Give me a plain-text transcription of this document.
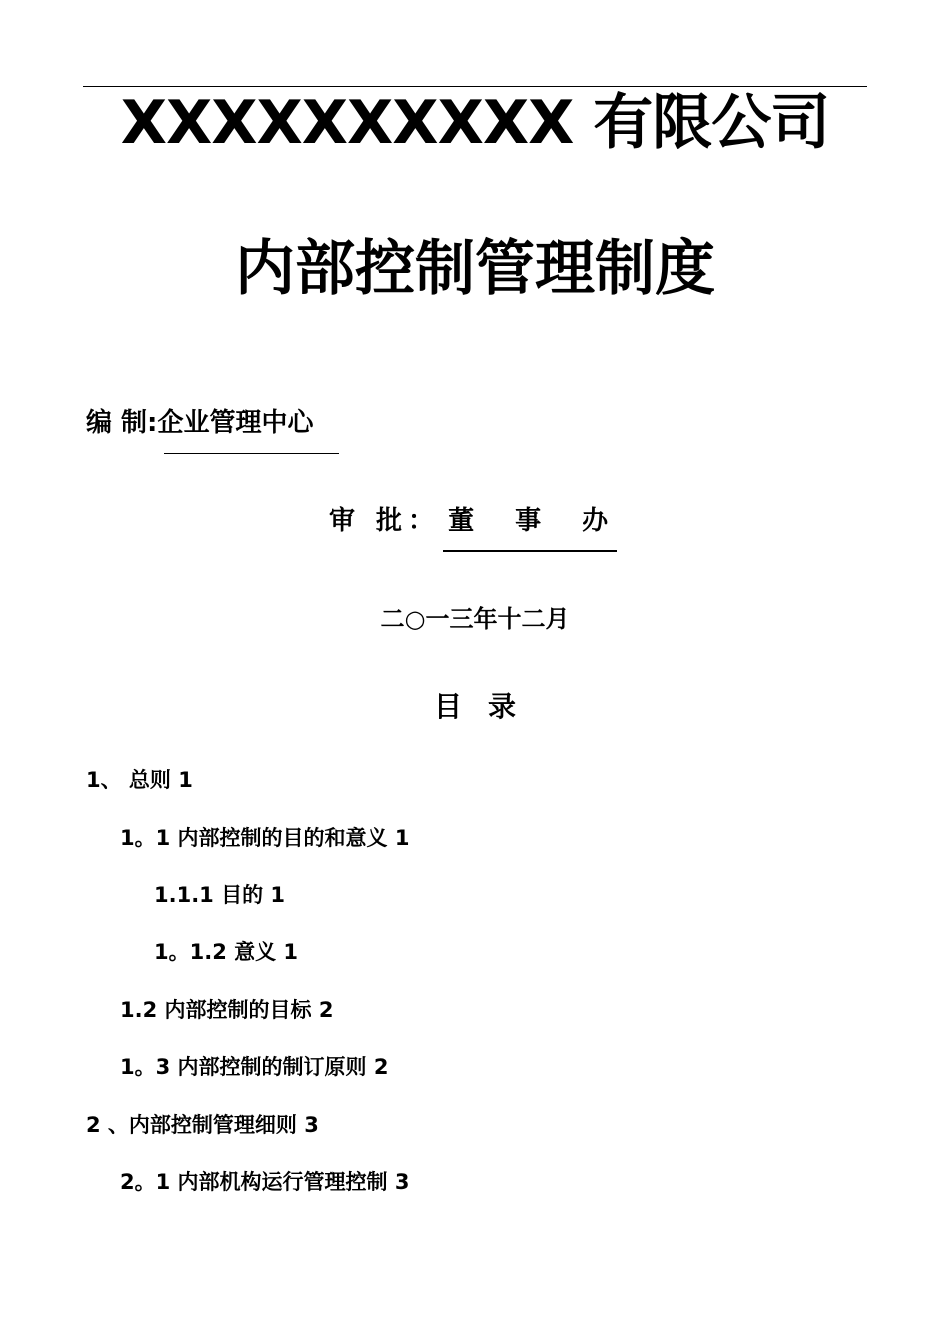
XXXXXXXXXX 有限公司
内部控制管理制度
编 制:企业管理中心
审 批： 董 事 办
二○一三年十二月
目录
1、 总则 1
1。1 内部控制的目的和意义 1
1.1.1 目的 1
1。1.2 意义 1
1.2 内部控制的目标 2
1。3 内部控制的制订原则 2
2 、内部控制管理细则 3
2。1 内部机构运行管理控制 3
